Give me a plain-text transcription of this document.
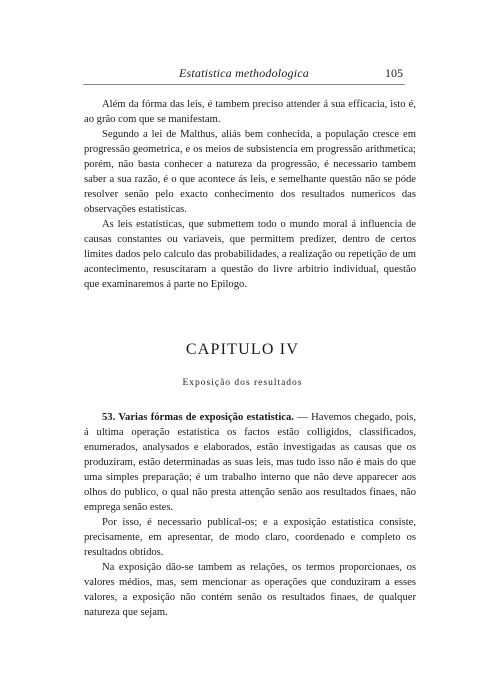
Estatistica methodologica	105

Além da fórma das leis, é tambem preciso attender á sua efficacia, isto é, ao grão com que se manifestam.

Segundo a lei de Malthus, aliás bem conhecida, a população cresce em progressão geometrica, e os meios de subsistencia em progressão arithmetica; porém, não basta conhecer a natureza da progressão, é necessario tambem saber a sua razão, é o que acontece ás leis, e semelhante questão não se póde resolver senão pelo exacto conhecimento dos resultados numericos das observações estatisticas.

As leis estatisticas, que submettem todo o mundo moral á influencia de causas constantes ou variaveis, que permittem predizer, dentro de certos limites dados pelo calculo das probabilidades, a realização ou repetição de um acontecimento, resuscitaram a questão do livre arbitrio individual, questão que examinaremos á parte no Epilogo.

CAPITULO IV
Exposição dos resultados

53. Varias fórmas de exposição estatistica. — Havemos chegado, pois, á ultima operação estatistica os factos estão colligidos, classificados, enumerados, analysados e elaborados, estão investigadas as causas que os produziram, estão determinadas as suas leis, mas tudo isso não é mais do que uma simples preparação; é um trabalho interno que não deve apparecer aos olhos do publico, o qual não presta attenção senão aos resultados finaes, não emprega senão estes.

Por isso, é necessario publical-os; e a exposição estatistica consiste, precisamente, em apresentar, de modo claro, coordenado e completo os resultados obtidos.

Na exposição dão-se tambem as relações, os termos proporcionaes, os valores médios, mas, sem mencionar as operações que conduziram a esses valores, a exposição não contém senão os resultados finaes, de qualquer natureza que sejam.
